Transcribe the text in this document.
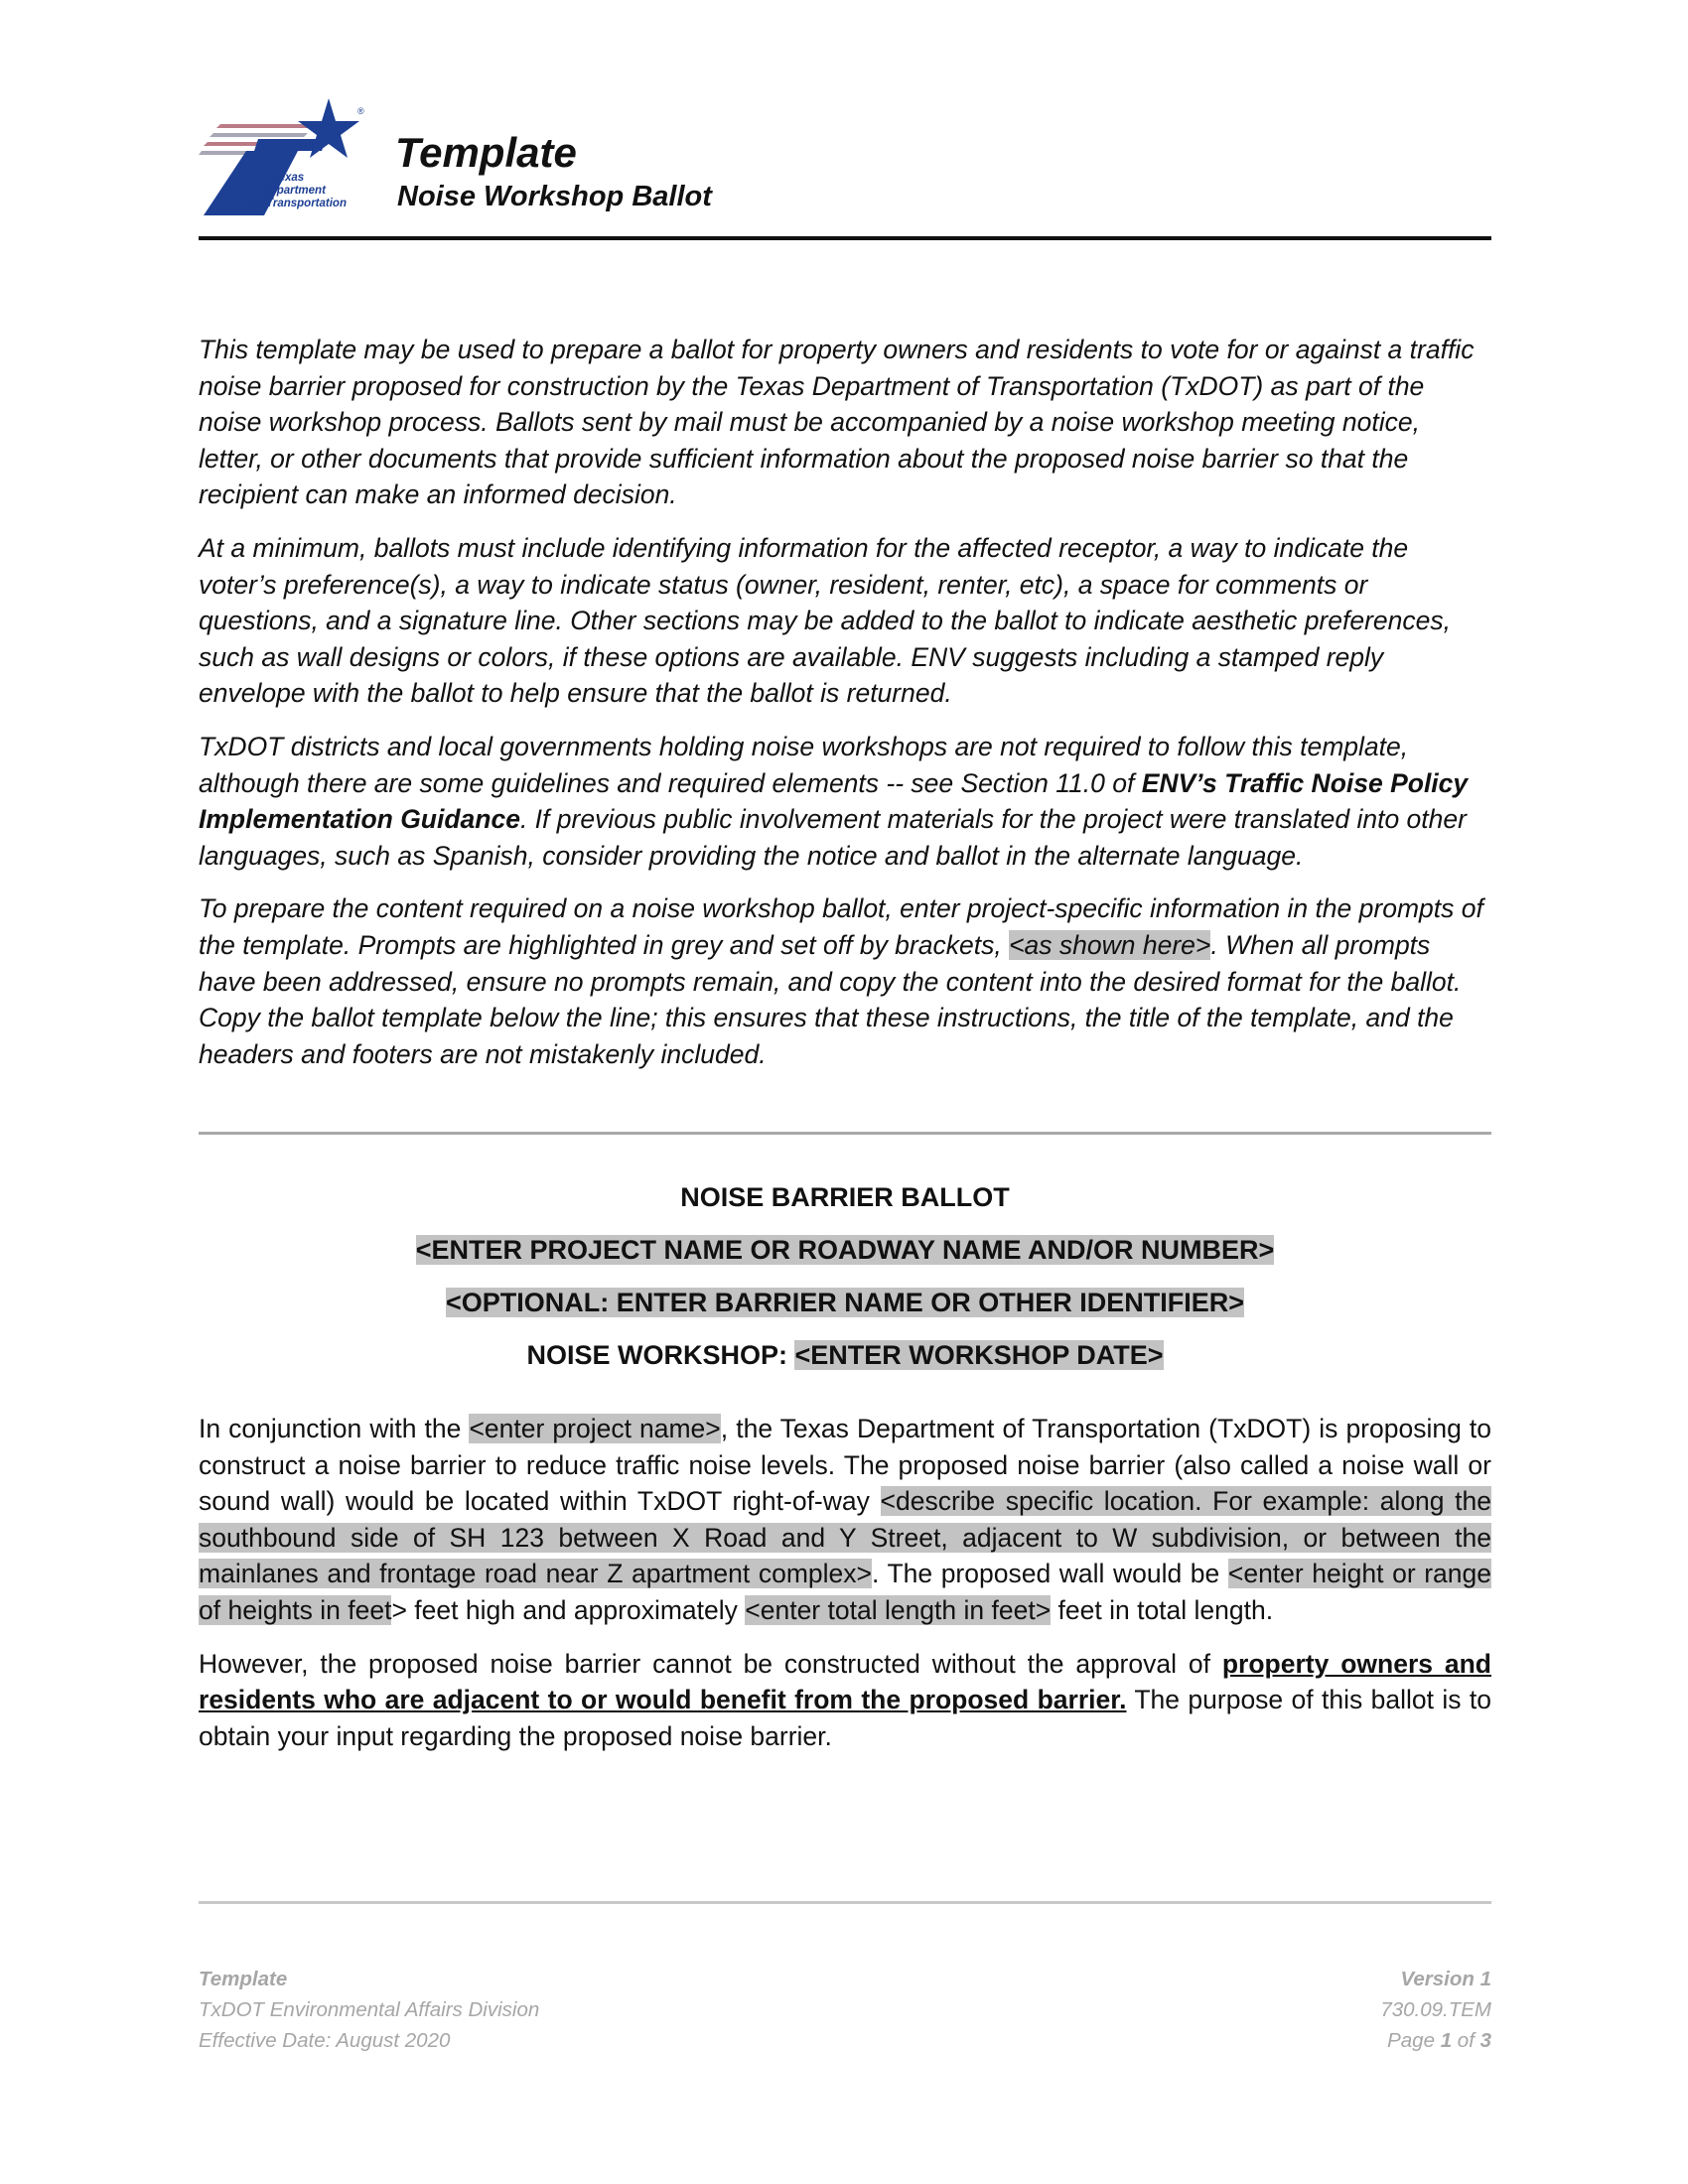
®
Texas
Department
of Transportation
Template
Noise Workshop Ballot

This template may be used to prepare a ballot for property owners and residents to vote for or against a traffic noise barrier proposed for construction by the Texas Department of Transportation (TxDOT) as part of the noise workshop process. Ballots sent by mail must be accompanied by a noise workshop meeting notice, letter, or other documents that provide sufficient information about the proposed noise barrier so that the recipient can make an informed decision.

At a minimum, ballots must include identifying information for the affected receptor, a way to indicate the voter’s preference(s), a way to indicate status (owner, resident, renter, etc), a space for comments or questions, and a signature line. Other sections may be added to the ballot to indicate aesthetic preferences, such as wall designs or colors, if these options are available. ENV suggests including a stamped reply envelope with the ballot to help ensure that the ballot is returned.

TxDOT districts and local governments holding noise workshops are not required to follow this template, although there are some guidelines and required elements -- see Section 11.0 of ENV’s Traffic Noise Policy Implementation Guidance. If previous public involvement materials for the project were translated into other languages, such as Spanish, consider providing the notice and ballot in the alternate language.

To prepare the content required on a noise workshop ballot, enter project-specific information in the prompts of the template. Prompts are highlighted in grey and set off by brackets, <as shown here>. When all prompts have been addressed, ensure no prompts remain, and copy the content into the desired format for the ballot. Copy the ballot template below the line; this ensures that these instructions, the title of the template, and the headers and footers are not mistakenly included.

NOISE BARRIER BALLOT

<ENTER PROJECT NAME OR ROADWAY NAME AND/OR NUMBER>

<OPTIONAL: ENTER BARRIER NAME OR OTHER IDENTIFIER>

NOISE WORKSHOP: <ENTER WORKSHOP DATE>

In conjunction with the <enter project name>, the Texas Department of Transportation (TxDOT) is proposing to construct a noise barrier to reduce traffic noise levels. The proposed noise barrier (also called a noise wall or sound wall) would be located within TxDOT right-of-way <describe specific location. For example: along the southbound side of SH 123 between X Road and Y Street, adjacent to W subdivision, or between the mainlanes and frontage road near Z apartment complex>. The proposed wall would be <enter height or range of heights in feet> feet high and approximately <enter total length in feet> feet in total length.

However, the proposed noise barrier cannot be constructed without the approval of property owners and residents who are adjacent to or would benefit from the proposed barrier. The purpose of this ballot is to obtain your input regarding the proposed noise barrier.

Template
TxDOT Environmental Affairs Division
Effective Date: August 2020
Version 1
730.09.TEM
Page 1 of 3
